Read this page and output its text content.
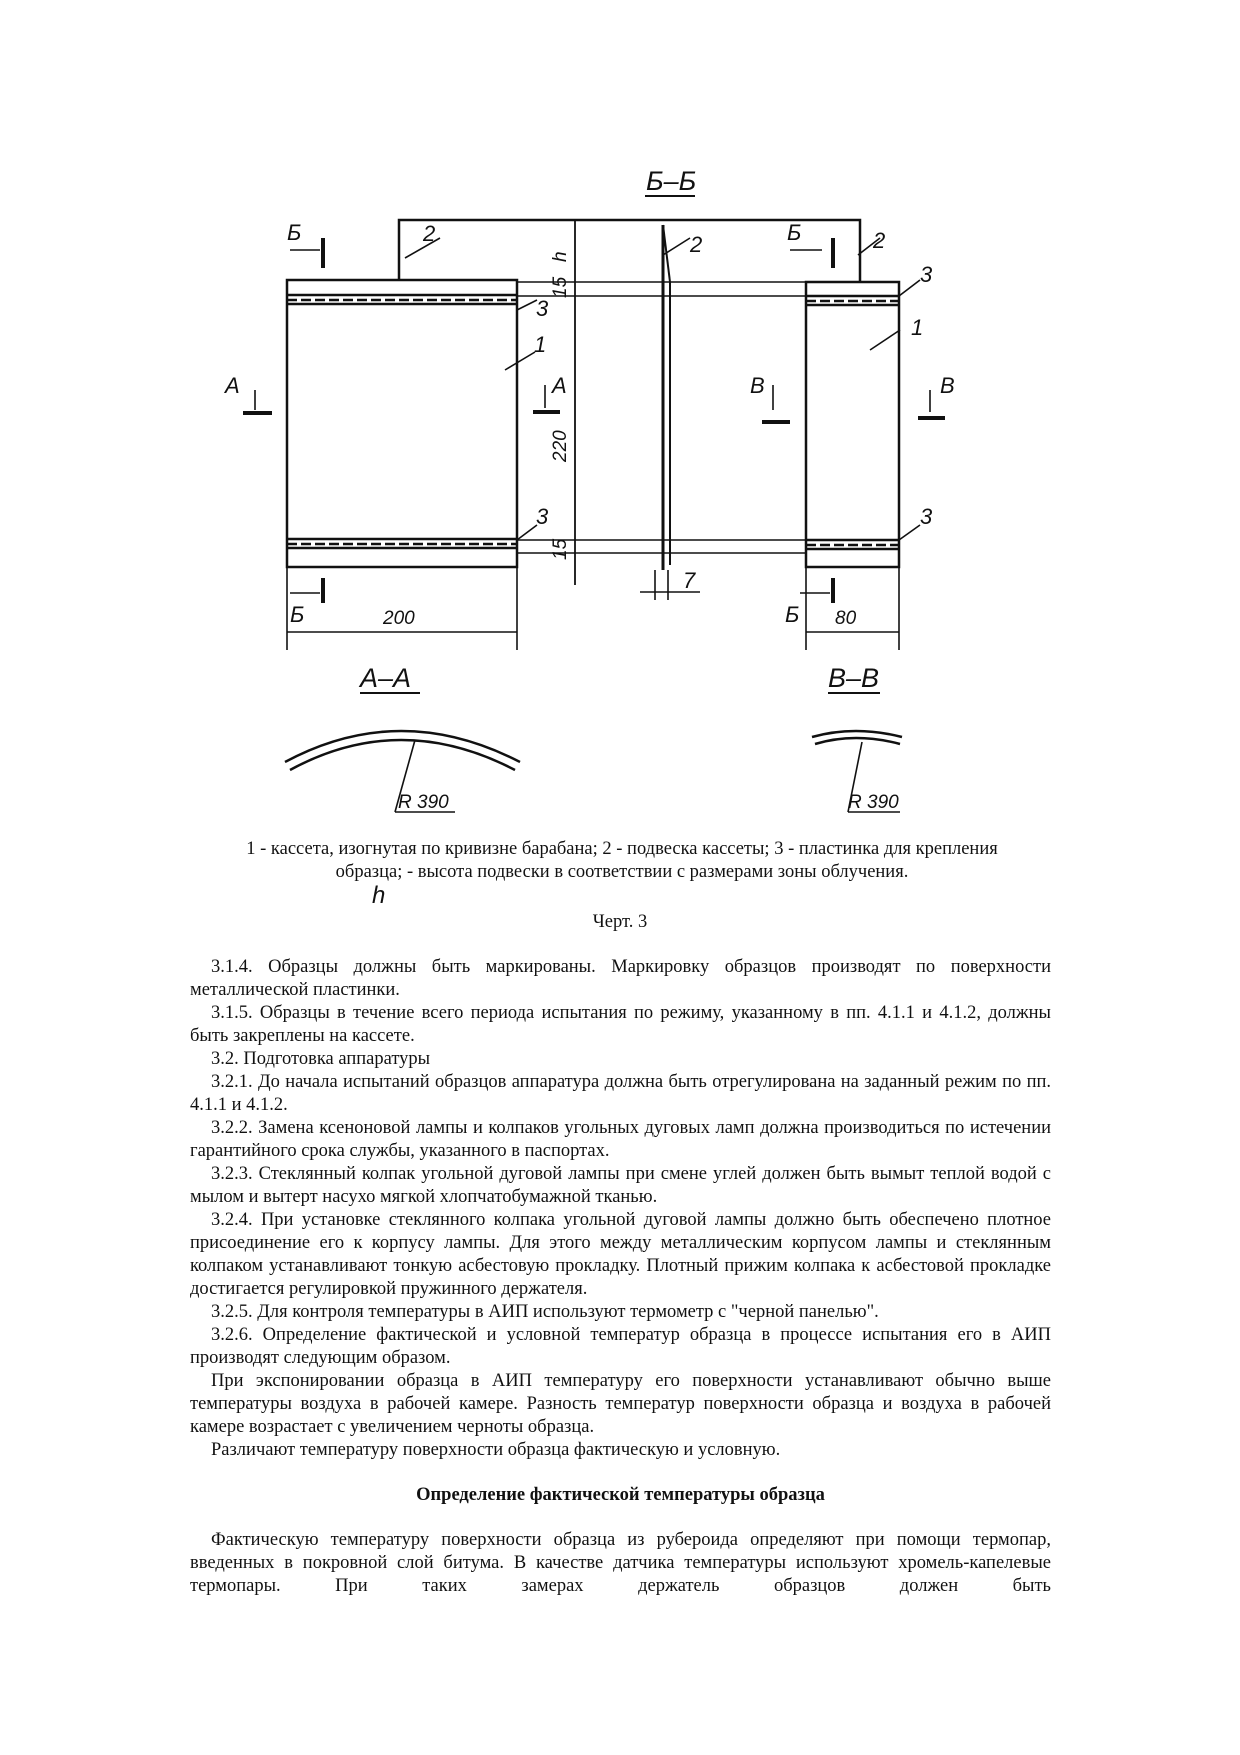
Б–Б
А–А	В–В
Б	Б
Б	Б
А	А	В	В
2	2	2
1
1
3
3
3
3
7
h
15
220
15
200	80
R 390	R 390
1 - кассета, изогнутая по кривизне барабана; 2 - подвеска кассеты; 3 - пластинка для крепления
образца; - высота подвески в соответствии с размерами зоны облучения.
h
Черт. 3

3.1.4. Образцы должны быть маркированы. Маркировку образцов производят по поверхности металлической пластинки.

3.1.5. Образцы в течение всего периода испытания по режиму, указанному в пп. 4.1.1 и 4.1.2, должны быть закреплены на кассете.

3.2. Подготовка аппаратуры

3.2.1. До начала испытаний образцов аппаратура должна быть отрегулирована на заданный режим по пп. 4.1.1 и 4.1.2.

3.2.2. Замена ксеноновой лампы и колпаков угольных дуговых ламп должна производиться по истечении гарантийного срока службы, указанного в паспортах.

3.2.3. Стеклянный колпак угольной дуговой лампы при смене углей должен быть вымыт теплой водой с мылом и вытерт насухо мягкой хлопчатобумажной тканью.

3.2.4. При установке стеклянного колпака угольной дуговой лампы должно быть обеспечено плотное присоединение его к корпусу лампы. Для этого между металлическим корпусом лампы и стеклянным колпаком устанавливают тонкую асбестовую прокладку. Плотный прижим колпака к асбестовой прокладке достигается регулировкой пружинного держателя.

3.2.5. Для контроля температуры в АИП используют термометр с "черной панелью".

3.2.6. Определение фактической и условной температур образца в процессе испытания его в АИП производят следующим образом.

При экспонировании образца в АИП температуру его поверхности устанавливают обычно выше температуры воздуха в рабочей камере. Разность температур поверхности образца и воздуха в рабочей камере возрастает с увеличением черноты образца.

Различают температуру поверхности образца фактическую и условную.

Определение фактической температуры образца

Фактическую температуру поверхности образца из рубероида определяют при помощи термопар, введенных в покровной слой битума. В качестве датчика температуры используют хромель-капелевые термопары. При таких замерах держатель образцов должен быть
